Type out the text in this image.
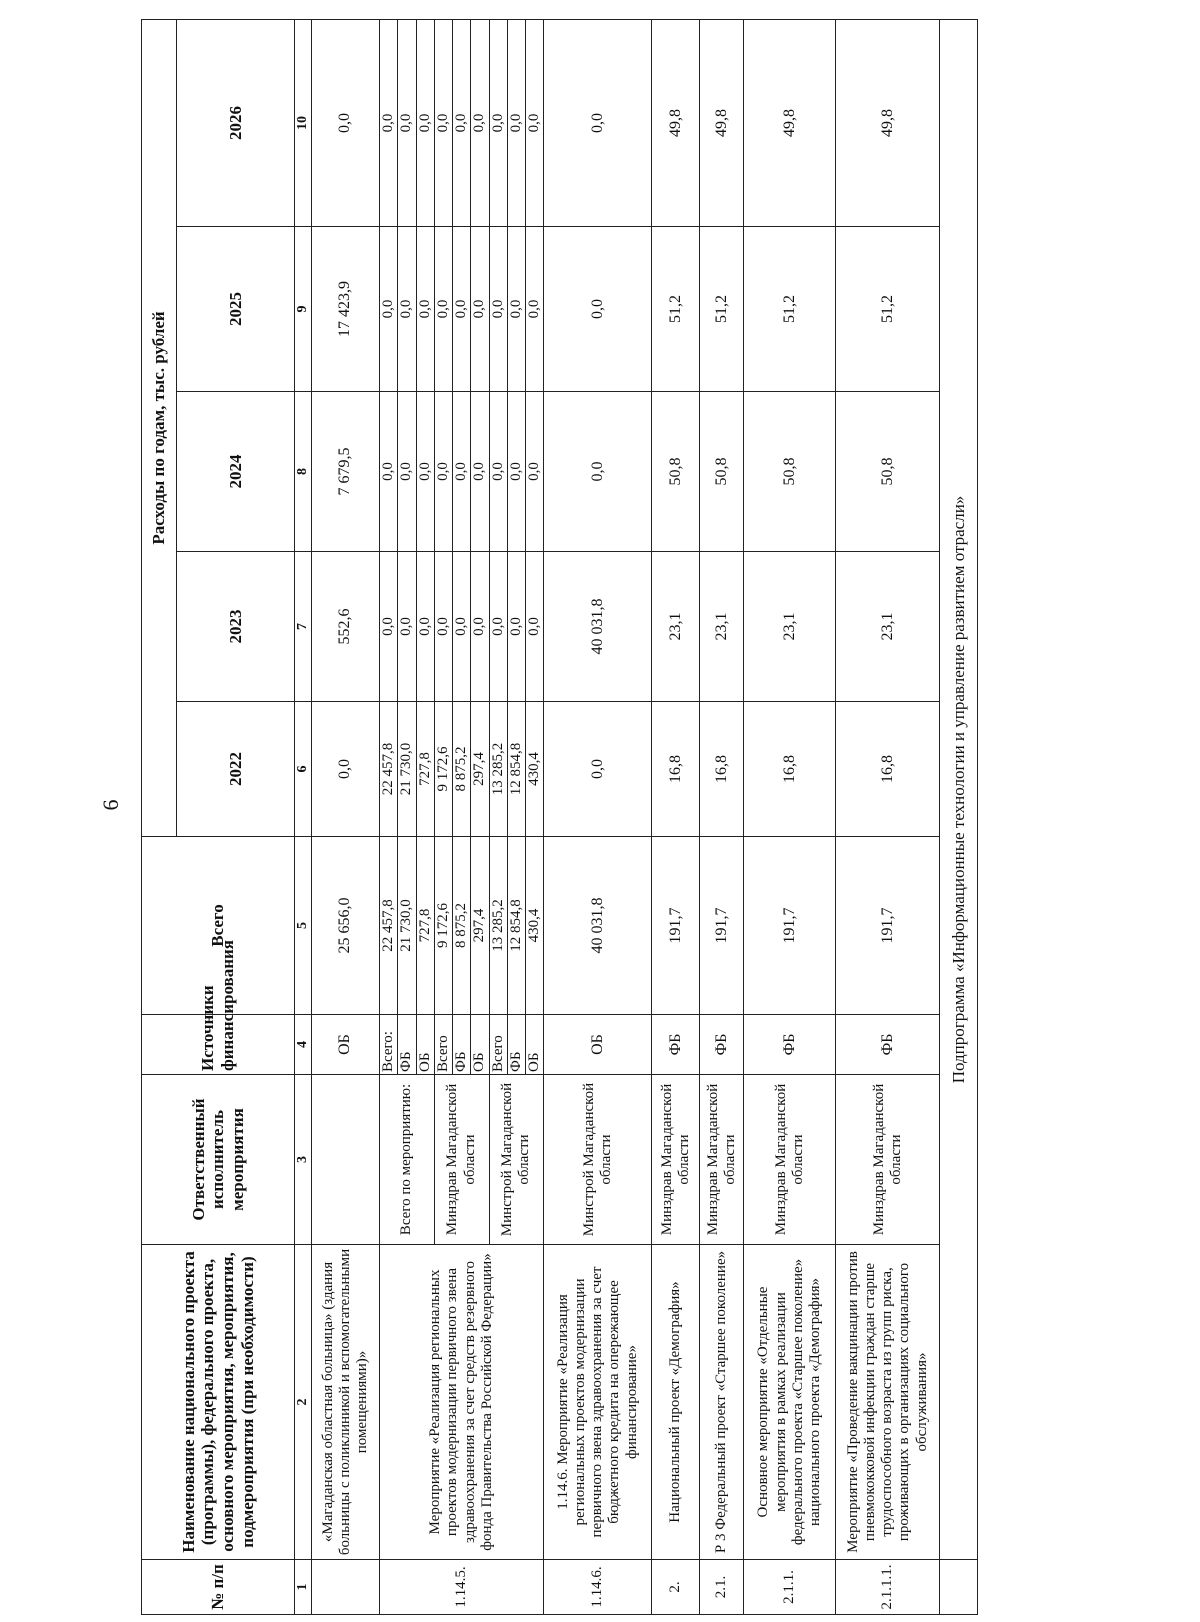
6
№ п/п	Наименование национального проекта (программы), федерального проекта, основного мероприятия, мероприятия, подмероприятия (при необходимости)	Ответственный исполнитель мероприятия	Источники финансирования	Всего	Расходы по годам, тыс. рублей				
					2022	2023	2024	2025	2026
1	2	3	4	5	6	7	8	9	10
	«Магаданская областная больница» (здания больницы с поликлиникой и вспомогательными помещениями)»		ОБ	25 656,0	0,0	552,6	7 679,5	17 423,9	0,0
1.14.5.	Мероприятие «Реализация региональных проектов модернизации первичного звена здравоохранения за счет средств резервного фонда Правительства Российской Федерации»	Всего по мероприятию:	Всего:	22 457,8	22 457,8	0,0	0,0	0,0	0,0
			ФБ	21 730,0	21 730,0	0,0	0,0	0,0	0,0
			ОБ	727,8	727,8	0,0	0,0	0,0	0,0
		Минздрав Магаданской области	Всего	9 172,6	9 172,6	0,0	0,0	0,0	0,0
			ФБ	8 875,2	8 875,2	0,0	0,0	0,0	0,0
			ОБ	297,4	297,4	0,0	0,0	0,0	0,0
		Минстрой Магаданской области	Всего	13 285,2	13 285,2	0,0	0,0	0,0	0,0
			ФБ	12 854,8	12 854,8	0,0	0,0	0,0	0,0
			ОБ	430,4	430,4	0,0	0,0	0,0	0,0
1.14.6.	1.14.6. Мероприятие «Реализация региональных проектов модернизации первичного звена здравоохранения за счет бюджетного кредита на опережающее финансирование»	Минстрой Магаданской области	ОБ	40 031,8	0,0	40 031,8	0,0	0,0	0,0
2.	Национальный проект «Демография»	Минздрав Магаданской области	ФБ	191,7	16,8	23,1	50,8	51,2	49,8
2.1.	Р 3 Федеральный проект «Старшее поколение»	Минздрав Магаданской области	ФБ	191,7	16,8	23,1	50,8	51,2	49,8
2.1.1.	Основное мероприятие «Отдельные мероприятия в рамках реализации федерального проекта «Старшее поколение» национального проекта «Демография»	Минздрав Магаданской области	ФБ	191,7	16,8	23,1	50,8	51,2	49,8
2.1.1.1.	Мероприятие «Проведение вакцинации против пневмококковой инфекции граждан старше трудоспособного возраста из групп риска, проживающих в организациях социального обслуживания»	Минздрав Магаданской области	ФБ	191,7	16,8	23,1	50,8	51,2	49,8
	Подпрограмма «Информационные технологии и управление развитием отрасли»								
